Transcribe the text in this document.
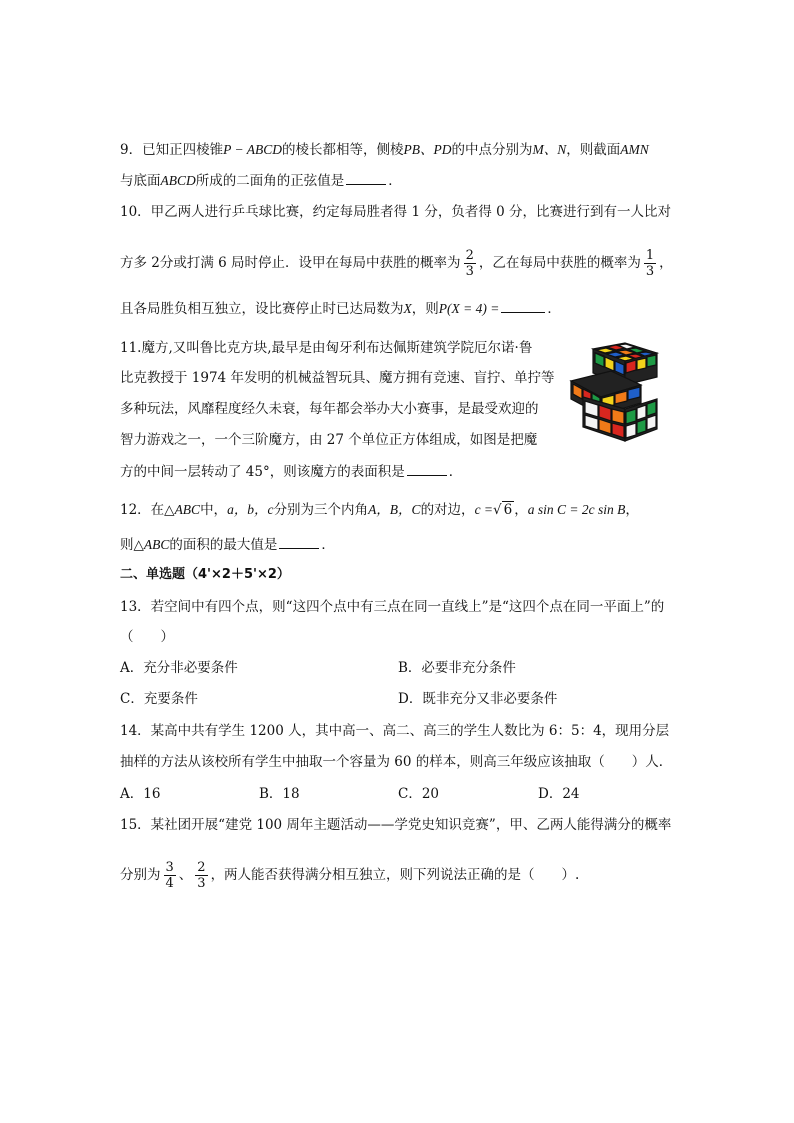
9．已知正四棱锥P − ABCD的棱长都相等，侧棱PB、PD的中点分别为M、N，则截面AMN
与底面ABCD所成的二面角的正弦值是	．
10．甲乙两人进行乒乓球比赛，约定每局胜者得 1 分，负者得 0 分，比赛进行到有一人比对
方多 2分或打满 6 局时停止．设甲在每局中获胜的概率为 $\frac{2}{3}$ ，乙在每局中获胜的概率为 $\frac{1}{3}$ ，
且各局胜负相互独立，设比赛停止时已达局数为X，则P(X = 4) =	．
11.魔方,又叫鲁比克方块,最早是由匈牙利布达佩斯建筑学院厄尔诺·鲁
比克教授于 1974 年发明的机械益智玩具、魔方拥有竞速、盲拧、单拧等
多种玩法，风靡程度经久未衰，每年都会举办大小赛事，是最受欢迎的
智力游戏之一，一个三阶魔方，由 27 个单位正方体组成，如图是把魔
方的中间一层转动了 45°，则该魔方的表面积是	．
12．在△ABC中，a，b，c分别为三个内角A，B，C的对边，c =√ 6 ，a sin C = 2c sin B，
则△ABC的面积的最大值是	．
二、单选题（4'×2＋5'×2）
13．若空间中有四个点，则“这四个点中有三点在同一直线上”是“这四个点在同一平面上”的
（　　）
A．充分非必要条件	B．必要非充分条件
C．充要条件	D．既非充分又非必要条件
14．某高中共有学生 1200 人，其中高一、高二、高三的学生人数比为 6：5：4，现用分层
抽样的方法从该校所有学生中抽取一个容量为 60 的样本，则高三年级应该抽取（　　）人．
A．16	B．18	C．20	D．24
15．某社团开展“建党 100 周年主题活动——学党史知识竞赛”，甲、乙两人能得满分的概率
分别为 $\frac{3}{4}$ 、 $\frac{2}{3}$ ，两人能否获得满分相互独立，则下列说法正确的是（　　）.
